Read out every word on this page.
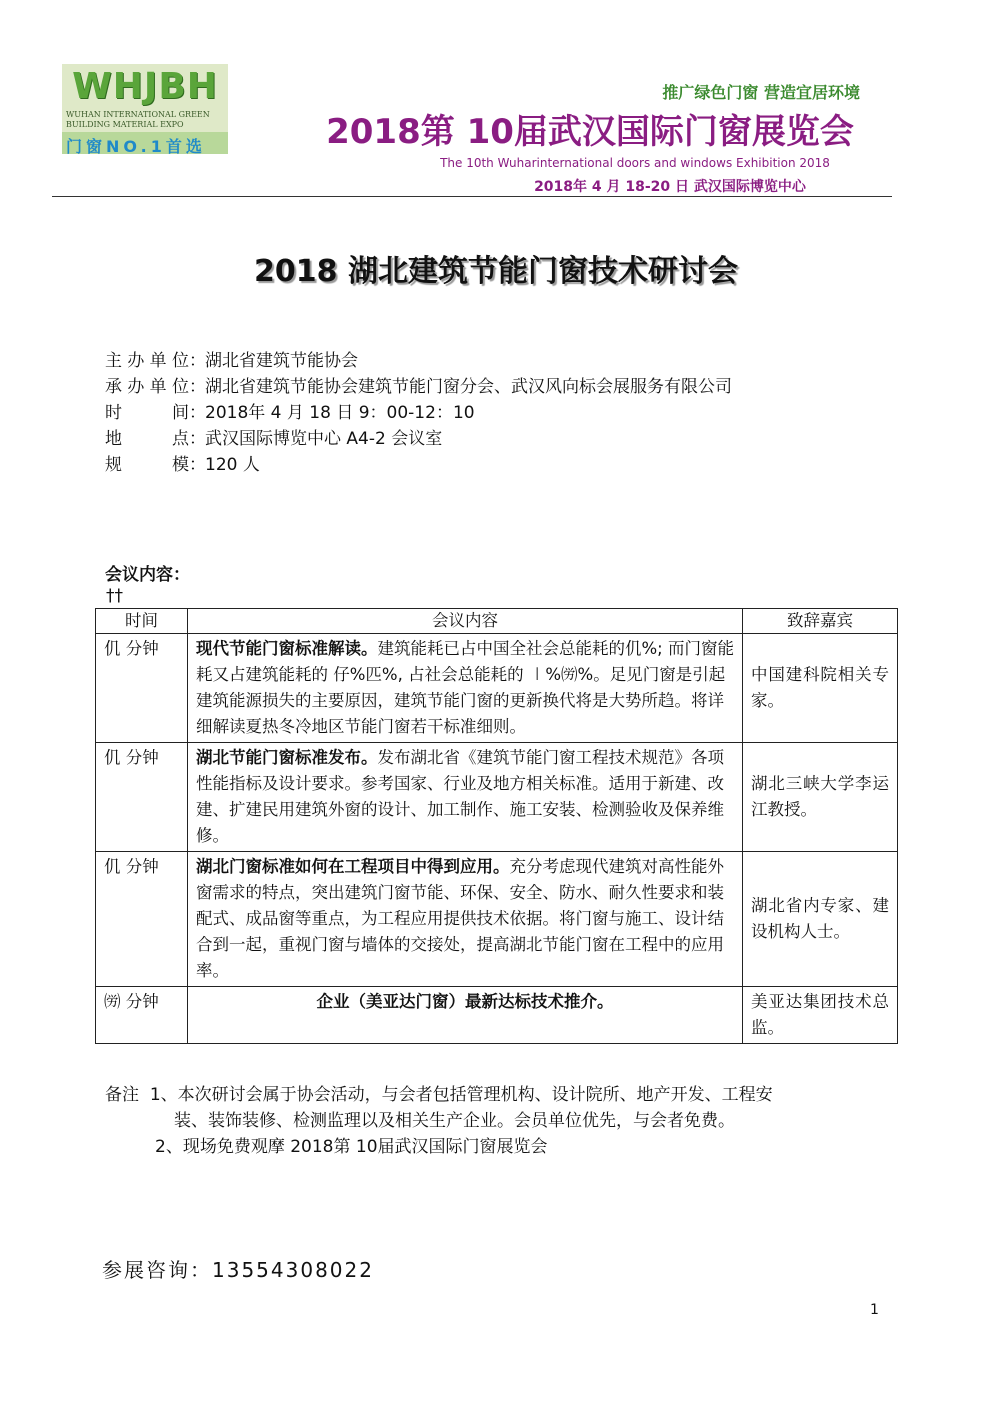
WHJBH
WUHAN INTERNATIONAL GREEN BUILDING MATERIAL EXPO
门窗NO.1首选
推广绿色门窗 营造宜居环境
2018第 10届武汉国际门窗展览会
The 10th Wuharinternational doors and windows Exhibition 2018
2018年 4 月 18-20 日 武汉国际博览中心
2018 湖北建筑节能门窗技术研讨会
主办单位：湖北省建筑节能协会
承办单位：湖北省建筑节能协会建筑节能门窗分会、武汉风向标会展服务有限公司
时间：2018年 4 月 18 日 9：00-12：10
地点：武汉国际博览中心 A4-2 会议室
规模：120 人
会议内容：
††
时间	会议内容	致辞嘉宾
仉 分钟	现代节能门窗标准解读。建筑能耗已占中国全社会总能耗的仉%; 而门窗能耗又占建筑能耗的 仔%匹%, 占社会总能耗的 ㆐%㈸%。足见门窗是引起建筑能源损失的主要原因，建筑节能门窗的更新换代将是大势所趋。将详细解读夏热冬冷地区节能门窗若干标准细则。	中国建科院相关专家。
仉 分钟	湖北节能门窗标准发布。发布湖北省《建筑节能门窗工程技术规范》各项性能指标及设计要求。参考国家、行业及地方相关标准。适用于新建、改建、扩建民用建筑外窗的设计、加工制作、施工安装、检测验收及保养维修。	湖北三峡大学李运江教授。
仉 分钟	湖北门窗标准如何在工程项目中得到应用。充分考虑现代建筑对高性能外窗需求的特点，突出建筑门窗节能、环保、安全、防水、耐久性要求和装配式、成品窗等重点，为工程应用提供技术依据。将门窗与施工、设计结合到一起，重视门窗与墙体的交接处，提高湖北节能门窗在工程中的应用率。	湖北省内专家、建设机构人士。
㈸ 分钟	企业（美亚达门窗）最新达标技术推介。	美亚达集团技术总监。
备注 1、本次研讨会属于协会活动，与会者包括管理机构、设计院所、地产开发、工程安
装、装饰装修、检测监理以及相关生产企业。会员单位优先，与会者免费。
2、现场免费观摩 2018第 10届武汉国际门窗展览会
参展咨询：13554308022
1
